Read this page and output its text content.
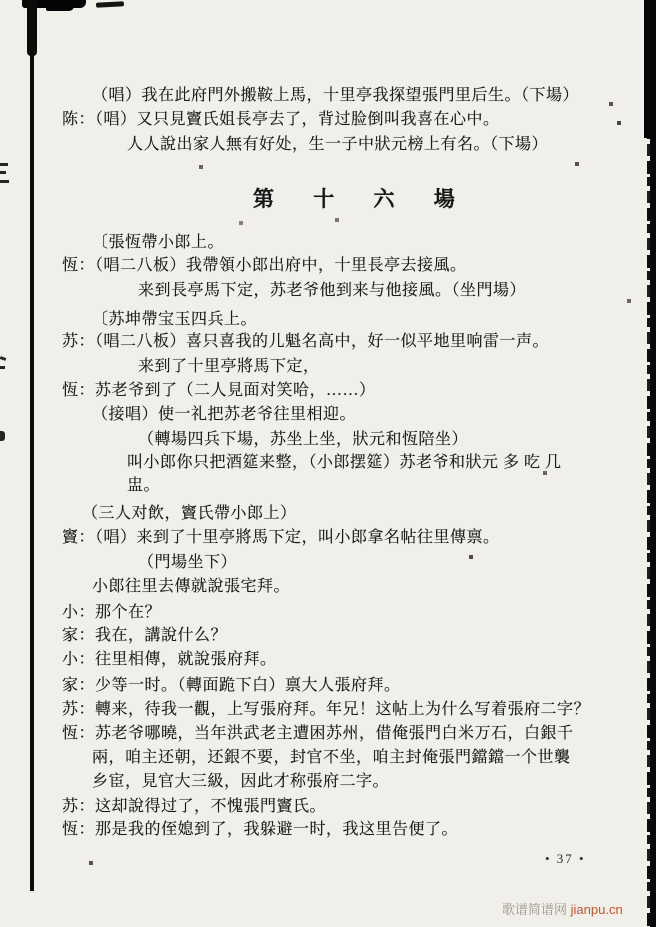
第 十 六 場
（唱）我在此府門外搬鞍上馬，十里亭我探望張門里后生。（下場）
陈：（唱）又只見竇氏姐長亭去了，背过脸倒叫我喜在心中。
人人說出家人無有好处，生一子中狀元榜上有名。（下場）
〔張恆帶小郎上。
恆：（唱二八板）我帶領小郎出府中，十里長亭去接風。
来到長亭馬下定，苏老爷他到来与他接風。（坐門場）
〔苏坤帶宝玉四兵上。
苏：（唱二八板）喜只喜我的儿魁名高中，好一似平地里响雷一声。
来到了十里亭將馬下定，
恆：苏老爷到了（二人見面对笑哈，……）
（接唱）使一礼把苏老爷往里相迎。
（轉場四兵下場，苏坐上坐，狀元和恆陪坐）
叫小郎你只把酒筵来整，（小郎摆筵）苏老爷和狀元 多 吃 几
盅。
（三人对飲，竇氏帶小郎上）
竇：（唱）来到了十里亭將馬下定，叫小郎拿名帖往里傳禀。
（門場坐下）
小郎往里去傳就說張宅拜。
小：那个在？
家：我在，講說什么？
小：往里相傳，就說張府拜。
家：少等一时。（轉面跪下白）禀大人張府拜。
苏：轉来，待我一觀，上写張府拜。年兄！这帖上为什么写着張府二字？
恆：苏老爷哪曉，当年洪武老主遭困苏州，借俺張門白米万石，白銀千
兩，咱主还朝，还銀不要，封官不坐，咱主封俺張門鐺鐺一个世襲
乡宦，見官大三級，因此才称張府二字。
苏：这却說得过了，不愧張門竇氏。
恆：那是我的侄媳到了，我躲避一时，我这里告便了。
• 37 •
歌谱简谱网 jianpu.cn
